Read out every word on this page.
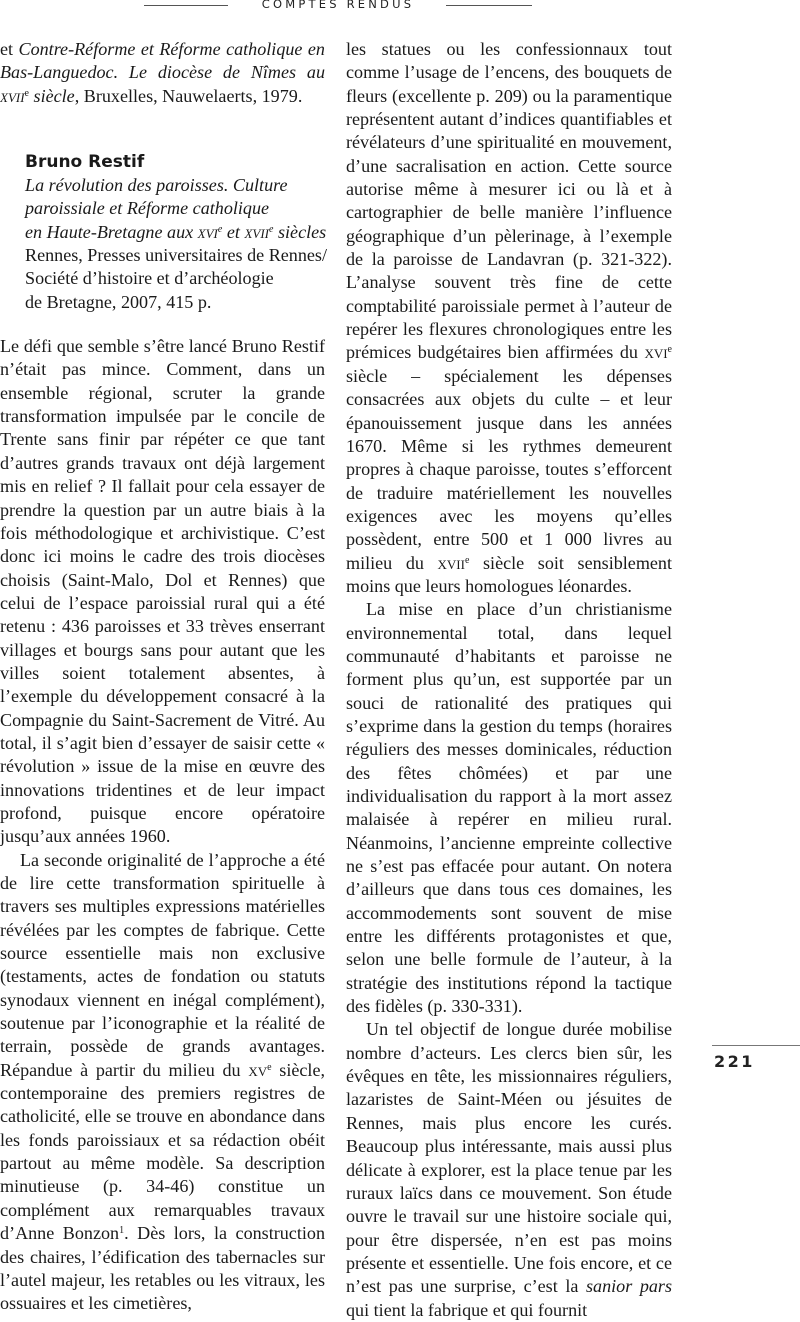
COMPTES RENDUS

et Contre-Réforme et Réforme catholique en Bas-Languedoc. Le diocèse de Nîmes au xvii$^e$ siècle, Bruxelles, Nauwelaerts, 1979.

Bruno Restif
La révolution des paroisses. Culture
paroissiale et Réforme catholique
en Haute-Bretagne aux xvi$^e$ et xvii$^e$ siècles
Rennes, Presses universitaires de Rennes/
Société d’histoire et d’archéologie
de Bretagne, 2007, 415 p.

Le défi que semble s’être lancé Bruno Restif n’était pas mince. Comment, dans un ensemble régional, scruter la grande transformation impulsée par le concile de Trente sans finir par répéter ce que tant d’autres grands travaux ont déjà largement mis en relief ? Il fallait pour cela essayer de prendre la question par un autre biais à la fois méthodologique et archivistique. C’est donc ici moins le cadre des trois diocèses choisis (Saint-Malo, Dol et Rennes) que celui de l’espace paroissial rural qui a été retenu : 436 paroisses et 33 trèves enserrant villages et bourgs sans pour autant que les villes soient totalement absentes, à l’exemple du développement consacré à la Compagnie du Saint-Sacrement de Vitré. Au total, il s’agit bien d’essayer de saisir cette « révolution » issue de la mise en œuvre des innovations tridentines et de leur impact profond, puisque encore opératoire jusqu’aux années 1960.

La seconde originalité de l’approche a été de lire cette transformation spirituelle à travers ses multiples expressions matérielles révélées par les comptes de fabrique. Cette source essentielle mais non exclusive (testaments, actes de fondation ou statuts synodaux viennent en inégal complément), soutenue par l’iconographie et la réalité de terrain, possède de grands avantages. Répandue à partir du milieu du $xv^e$ siècle, contemporaine des premiers registres de catholicité, elle se trouve en abondance dans les fonds paroissiaux et sa rédaction obéit partout au même modèle. Sa description minutieuse (p. 34-46) constitue un complément aux remarquables travaux d’Anne Bonzon$^1$. Dès lors, la construction des chaires, l’édification des tabernacles sur l’autel majeur, les retables ou les vitraux, les ossuaires et les cimetières,

les statues ou les confessionnaux tout comme l’usage de l’encens, des bouquets de fleurs (excellente p. 209) ou la paramentique représentent autant d’indices quantifiables et révélateurs d’une spiritualité en mouvement, d’une sacralisation en action. Cette source autorise même à mesurer ici ou là et à cartographier de belle manière l’influence géographique d’un pèlerinage, à l’exemple de la paroisse de Landavran (p. 321-322). L’analyse souvent très fine de cette comptabilité paroissiale permet à l’auteur de repérer les flexures chronologiques entre les prémices budgétaires bien affirmées du xvi$^e$ siècle – spécialement les dépenses consacrées aux objets du culte – et leur épanouissement jusque dans les années 1670. Même si les rythmes demeurent propres à chaque paroisse, toutes s’efforcent de traduire matériellement les nouvelles exigences avec les moyens qu’elles possèdent, entre 500 et 1 000 livres au milieu du xvii$^e$ siècle soit sensiblement moins que leurs homologues léonardes.

La mise en place d’un christianisme environnemental total, dans lequel communauté d’habitants et paroisse ne forment plus qu’un, est supportée par un souci de rationalité des pratiques qui s’exprime dans la gestion du temps (horaires réguliers des messes dominicales, réduction des fêtes chômées) et par une individualisation du rapport à la mort assez malaisée à repérer en milieu rural. Néanmoins, l’ancienne empreinte collective ne s’est pas effacée pour autant. On notera d’ailleurs que dans tous ces domaines, les accommodements sont souvent de mise entre les différents protagonistes et que, selon une belle formule de l’auteur, à la stratégie des institutions répond la tactique des fidèles (p. 330-331).

Un tel objectif de longue durée mobilise nombre d’acteurs. Les clercs bien sûr, les évêques en tête, les missionnaires réguliers, lazaristes de Saint-Méen ou jésuites de Rennes, mais plus encore les curés. Beaucoup plus intéressante, mais aussi plus délicate à explorer, est la place tenue par les ruraux laïcs dans ce mouvement. Son étude ouvre le travail sur une histoire sociale qui, pour être dispersée, n’en est pas moins présente et essentielle. Une fois encore, et ce n’est pas une surprise, c’est la sanior pars qui tient la fabrique et qui fournit

221
